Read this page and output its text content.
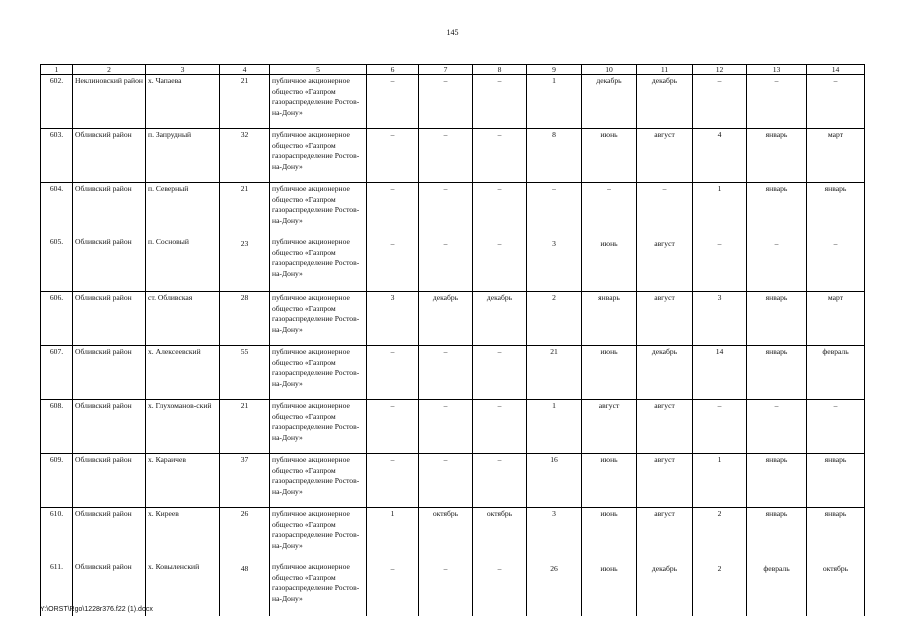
145
1	2	3	4	5	6	7	8	9	10	11	12	13	14
602.	Неклиновский район	х. Чапаева	21	публичное акционерное общество «Газпром газораспределение Ростов-на-Дону»	–	–	–	1	декабрь	декабрь	–	–	–
603.	Обливский район	п. Запрудный	32	публичное акционерное общество «Газпром газораспределение Ростов-на-Дону»	–	–	–	8	июнь	август	4	январь	март
604.	Обливский район	п. Северный	21	публичное акционерное общество «Газпром газораспределение Ростов-на-Дону»	–	–	–	–	–	–	1	январь	январь
605.	Обливский район	п. Сосновый	23	публичное акционерное общество «Газпром газораспределение Ростов-на-Дону»	–	–	–	3	июнь	август	–	–	–
606.	Обливский район	ст. Обливская	28	публичное акционерное общество «Газпром газораспределение Ростов-на-Дону»	3	декабрь	декабрь	2	январь	август	3	январь	март
607.	Обливский район	х. Алексеевский	55	публичное акционерное общество «Газпром газораспределение Ростов-на-Дону»	–	–	–	21	июнь	декабрь	14	январь	февраль
608.	Обливский район	х. Глухоманов-ский	21	публичное акционерное общество «Газпром газораспределение Ростов-на-Дону»	–	–	–	1	август	август	–	–	–
609.	Обливский район	х. Караичев	37	публичное акционерное общество «Газпром газораспределение Ростов-на-Дону»	–	–	–	16	июнь	август	1	январь	январь
610.	Обливский район	х. Киреев	26	публичное акционерное общество «Газпром газораспределение Ростов-на-Дону»	1	октябрь	октябрь	3	июнь	август	2	январь	январь
611.	Обливский район	х. Ковыленский	48	публичное акционерное общество «Газпром газораспределение Ростов-на-Дону»	–	–	–	26	июнь	декабрь	2	февраль	октябрь
Y:\ORST\Rgo\1228r376.f22 (1).docx
